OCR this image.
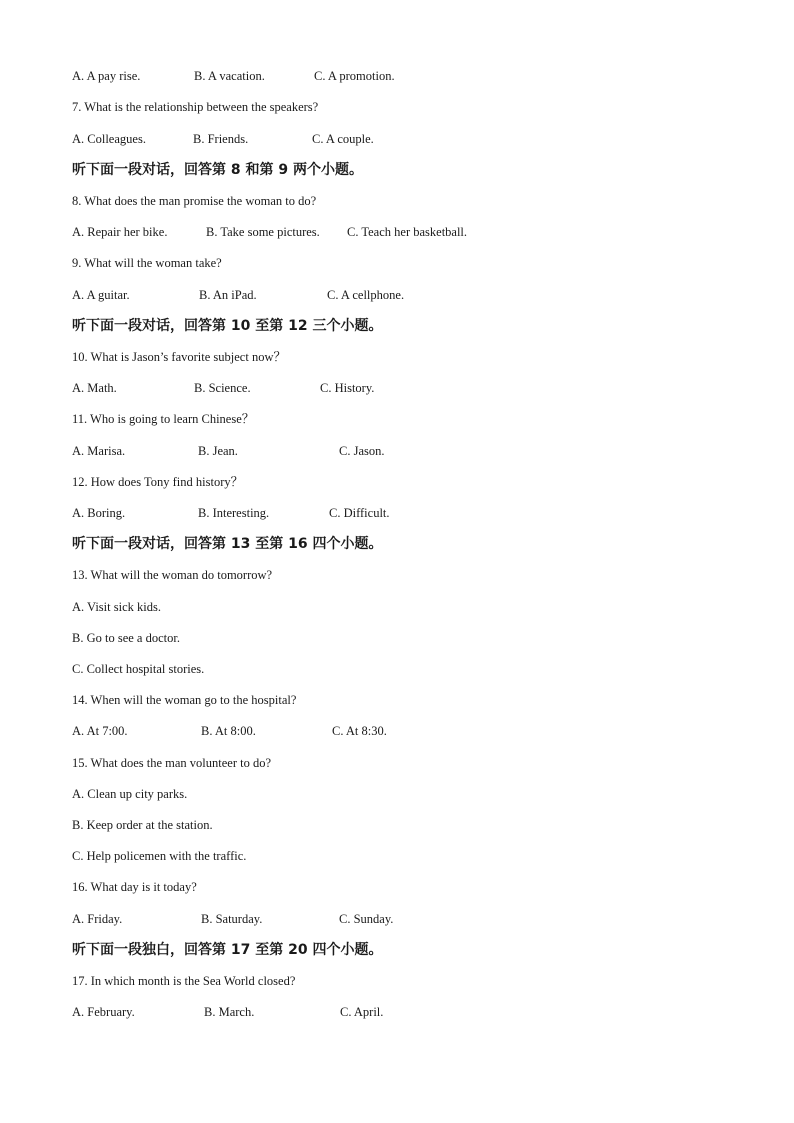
A. A pay rise.	B. A vacation.	C. A promotion.
7. What is the relationship between the speakers?
A. Colleagues.	B. Friends.	C. A couple.
听下面一段对话，回答第 8 和第 9 两个小题。
8. What does the man promise the woman to do?
A. Repair her bike.	B. Take some pictures. C. Teach her basketball.
9. What will the woman take?
A. A guitar.	B. An iPad.	C. A cellphone.
听下面一段对话，回答第 10 至第 12 三个小题。
10. What is Jason’s favorite subject now？
A. Math.	B. Science.	C. History.
11. Who is going to learn Chinese？
A. Marisa.	B. Jean.	C. Jason.
12. How does Tony find history？
A. Boring.	B. Interesting.	C. Difficult.
听下面一段对话，回答第 13 至第 16 四个小题。
13. What will the woman do tomorrow?
A. Visit sick kids.
B. Go to see a doctor.
C. Collect hospital stories.
14. When will the woman go to the hospital?
A. At 7:00.	B. At 8:00.	C. At 8:30.
15. What does the man volunteer to do?
A. Clean up city parks.
B. Keep order at the station.
C. Help policemen with the traffic.
16. What day is it today?
A. Friday.	B. Saturday.	C. Sunday.
听下面一段独白，回答第 17 至第 20 四个小题。
17. In which month is the Sea World closed?
A. February.	B. March.	C. April.
